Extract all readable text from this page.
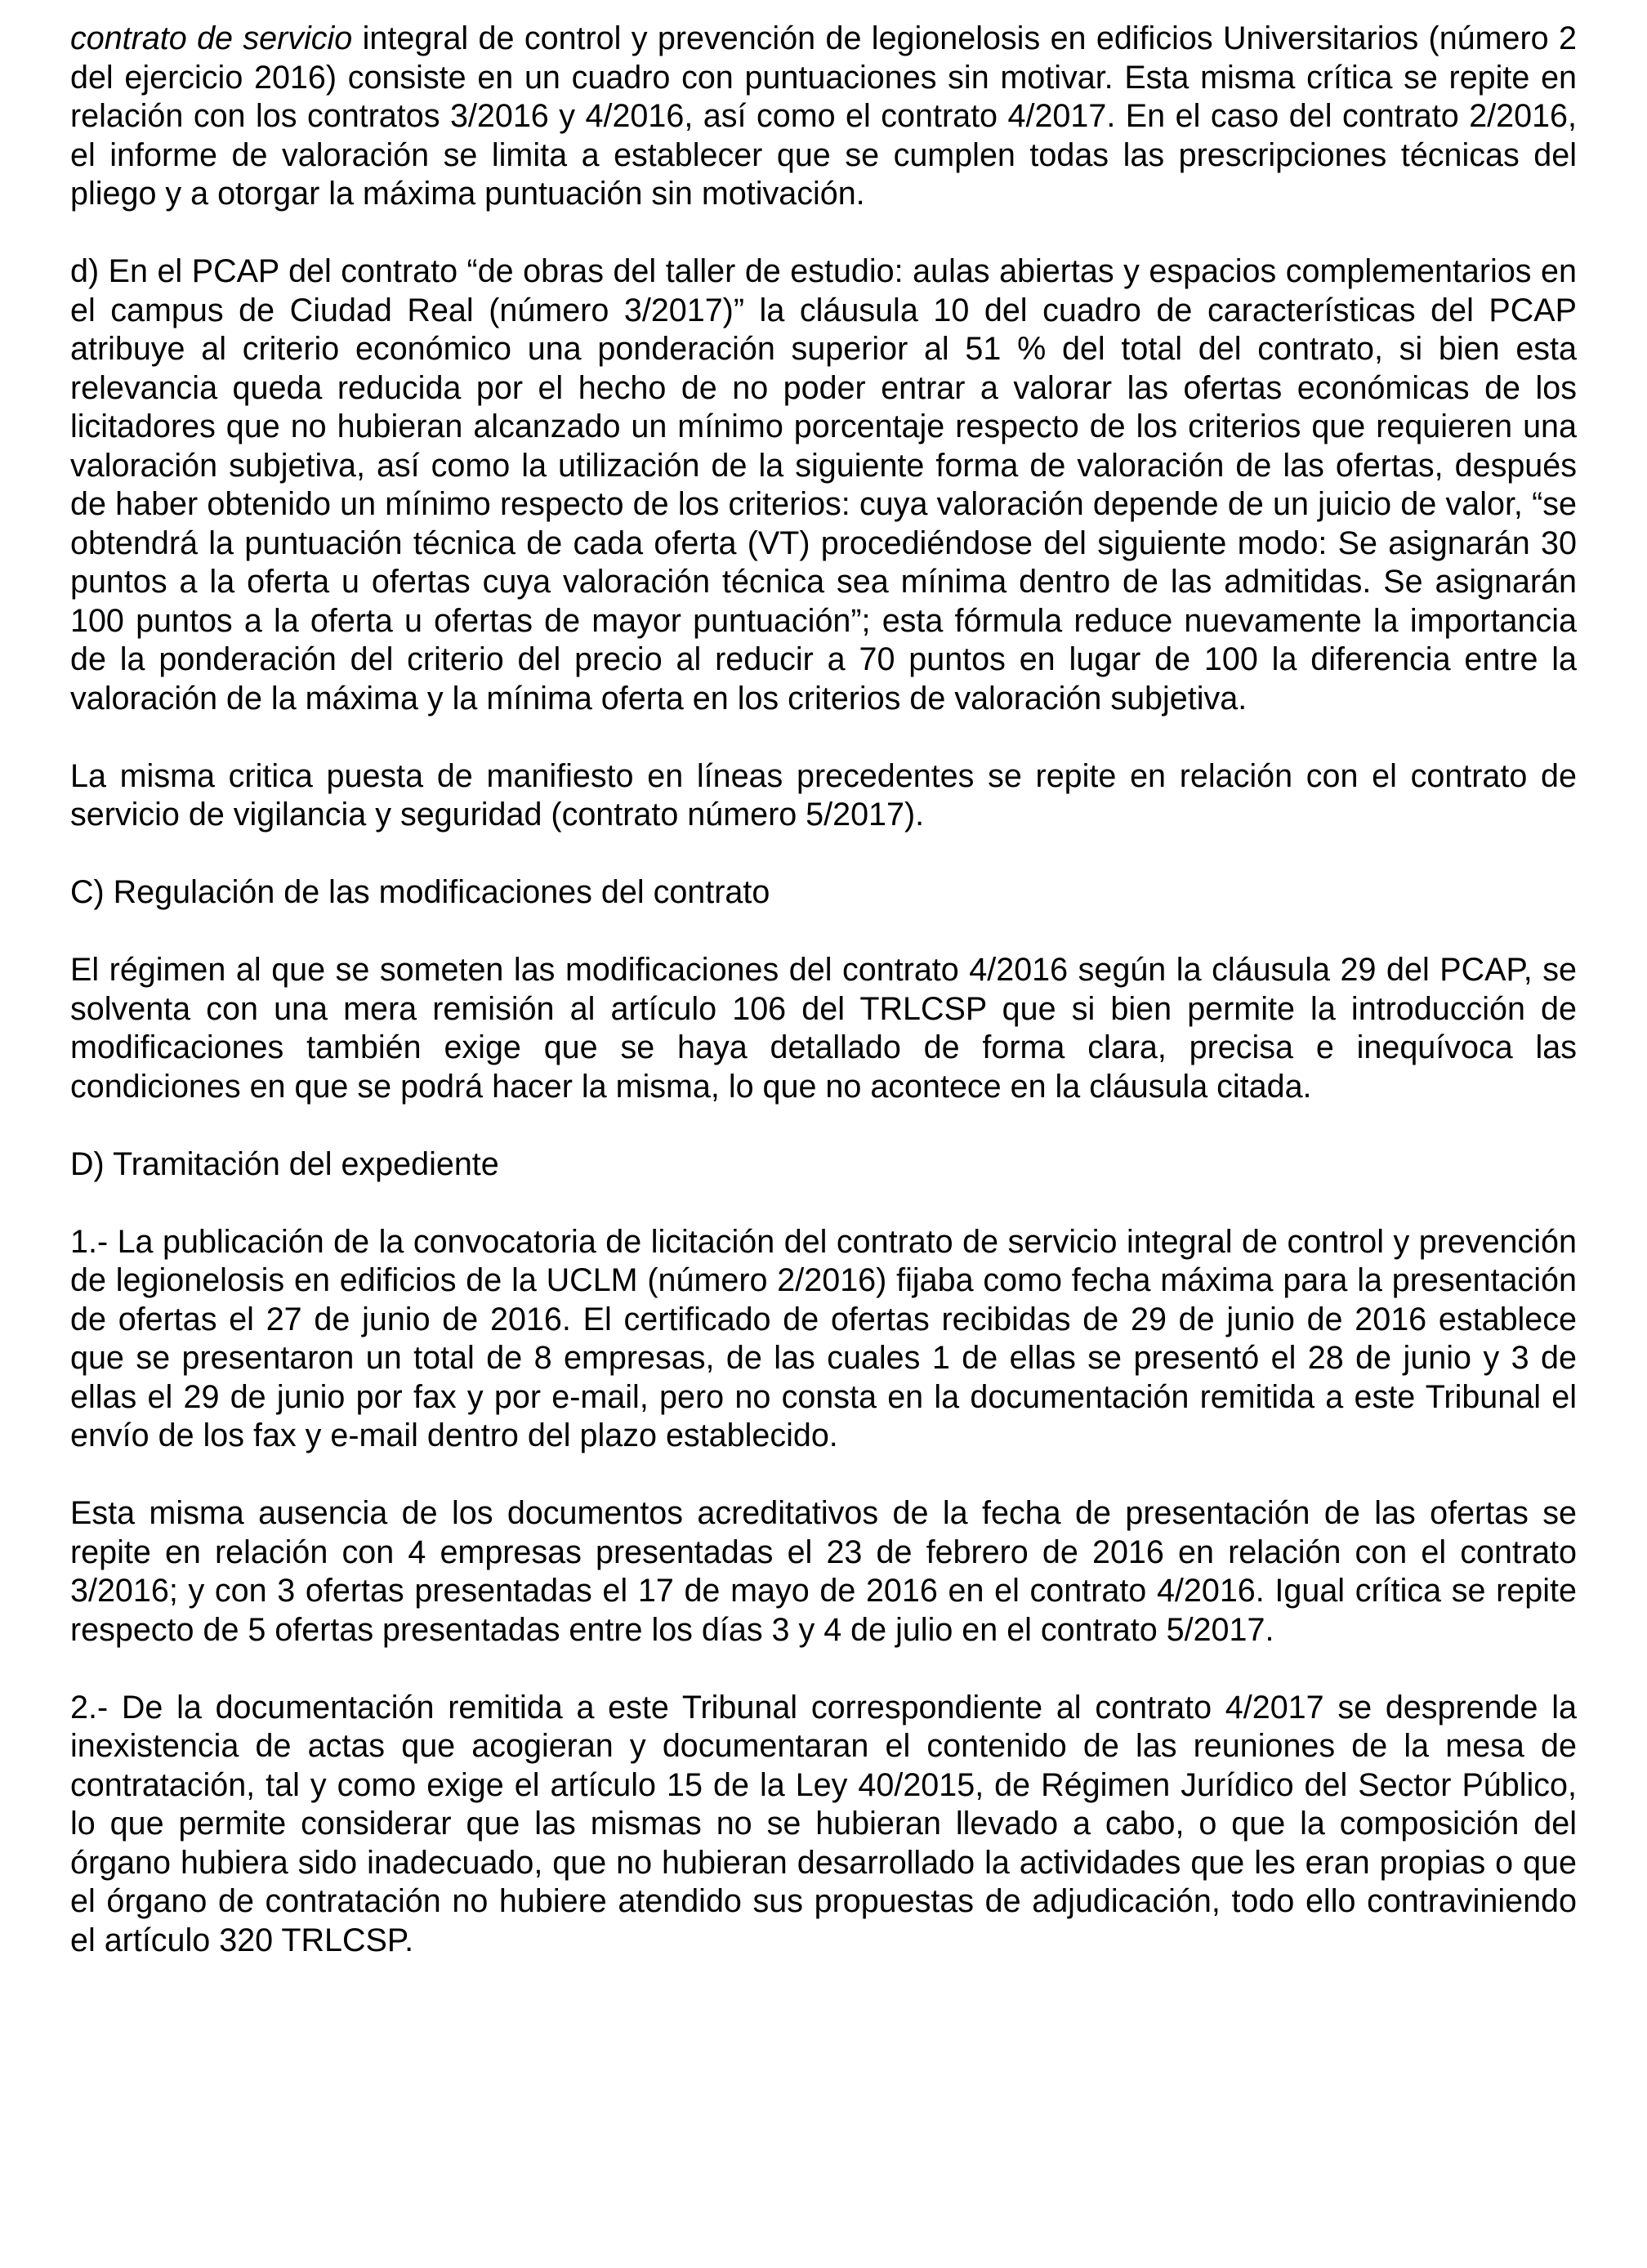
contrato de servicio integral de control y prevención de legionelosis en edificios Universitarios (número 2 del ejercicio 2016) consiste en un cuadro con puntuaciones sin motivar. Esta misma crítica se repite en relación con los contratos 3/2016 y 4/2016, así como el contrato 4/2017. En el caso del contrato 2/2016, el informe de valoración se limita a establecer que se cumplen todas las prescripciones técnicas del pliego y a otorgar la máxima puntuación sin motivación.

d) En el PCAP del contrato “de obras del taller de estudio: aulas abiertas y espacios complementarios en el campus de Ciudad Real (número 3/2017)” la cláusula 10 del cuadro de características del PCAP atribuye al criterio económico una ponderación superior al 51 % del total del contrato, si bien esta relevancia queda reducida por el hecho de no poder entrar a valorar las ofertas económicas de los licitadores que no hubieran alcanzado un mínimo porcentaje respecto de los criterios que requieren una valoración subjetiva, así como la utilización de la siguiente forma de valoración de las ofertas, después de haber obtenido un mínimo respecto de los criterios: cuya valoración depende de un juicio de valor, “se obtendrá la puntuación técnica de cada oferta (VT) procediéndose del siguiente modo: Se asignarán 30 puntos a la oferta u ofertas cuya valoración técnica sea mínima dentro de las admitidas. Se asignarán 100 puntos a la oferta u ofertas de mayor puntuación”; esta fórmula reduce nuevamente la importancia de la ponderación del criterio del precio al reducir a 70 puntos en lugar de 100 la diferencia entre la valoración de la máxima y la mínima oferta en los criterios de valoración subjetiva.

La misma critica puesta de manifiesto en líneas precedentes se repite en relación con el contrato de servicio de vigilancia y seguridad (contrato número 5/2017).

C) Regulación de las modificaciones del contrato

El régimen al que se someten las modificaciones del contrato 4/2016 según la cláusula 29 del PCAP, se solventa con una mera remisión al artículo 106 del TRLCSP que si bien permite la introducción de modificaciones también exige que se haya detallado de forma clara, precisa e inequívoca las condiciones en que se podrá hacer la misma, lo que no acontece en la cláusula citada.

D) Tramitación del expediente

1.- La publicación de la convocatoria de licitación del contrato de servicio integral de control y prevención de legionelosis en edificios de la UCLM (número 2/2016) fijaba como fecha máxima para la presentación de ofertas el 27 de junio de 2016. El certificado de ofertas recibidas de 29 de junio de 2016 establece que se presentaron un total de 8 empresas, de las cuales 1 de ellas se presentó el 28 de junio y 3 de ellas el 29 de junio por fax y por e-mail, pero no consta en la documentación remitida a este Tribunal el envío de los fax y e-mail dentro del plazo establecido.

Esta misma ausencia de los documentos acreditativos de la fecha de presentación de las ofertas se repite en relación con 4 empresas presentadas el 23 de febrero de 2016 en relación con el contrato 3/2016; y con 3 ofertas presentadas el 17 de mayo de 2016 en el contrato 4/2016. Igual crítica se repite respecto de 5 ofertas presentadas entre los días 3 y 4 de julio en el contrato 5/2017.

2.- De la documentación remitida a este Tribunal correspondiente al contrato 4/2017 se desprende la inexistencia de actas que acogieran y documentaran el contenido de las reuniones de la mesa de contratación, tal y como exige el artículo 15 de la Ley 40/2015, de Régimen Jurídico del Sector Público, lo que permite considerar que las mismas no se hubieran llevado a cabo, o que la composición del órgano hubiera sido inadecuado, que no hubieran desarrollado la actividades que les eran propias o que el órgano de contratación no hubiere atendido sus propuestas de adjudicación, todo ello contraviniendo el artículo 320 TRLCSP.
